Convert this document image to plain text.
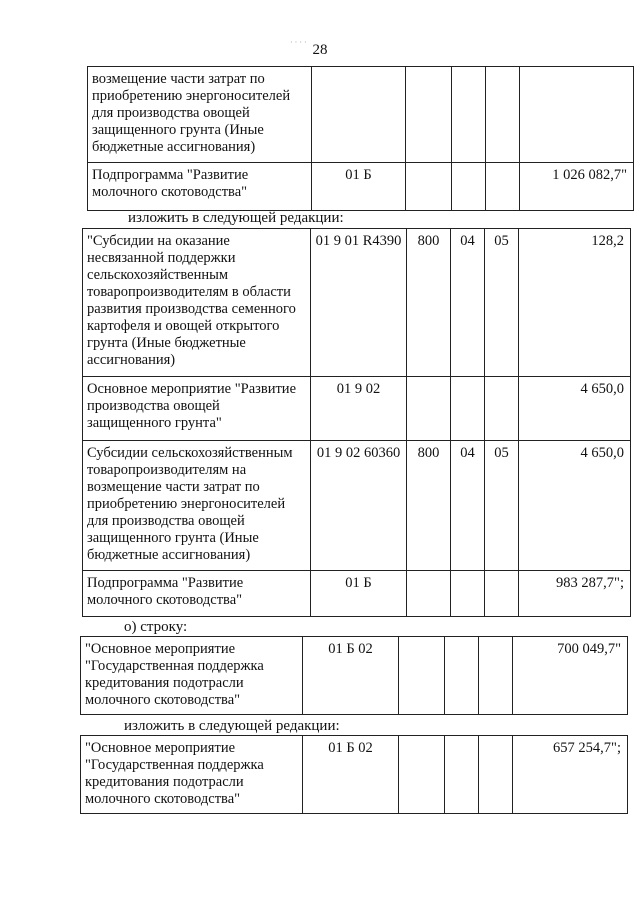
· · · · 28
возмещение части затрат по приобретению энергоносителей для производства овощей защищенного грунта (Иные бюджетные ассигнования)					
Подпрограмма "Развитие молочного скотоводства"	01 Б				1 026 082,7"
изложить в следующей редакции:
"Субсидии на оказание несвязанной поддержки сельскохозяйственным товаропроизводителям в области развития производства семенного картофеля и овощей открытого грунта (Иные бюджетные ассигнования)	01 9 01 R4390	800	04	05	128,2
Основное мероприятие "Развитие производства овощей защищенного грунта"	01 9 02				4 650,0
Субсидии сельскохозяйственным товаропроизводителям на возмещение части затрат по приобретению энергоносителей для производства овощей защищенного грунта (Иные бюджетные ассигнования)	01 9 02 60360	800	04	05	4 650,0
Подпрограмма "Развитие молочного скотоводства"	01 Б				983 287,7";
о) строку:
"Основное мероприятие "Государственная поддержка кредитования подотрасли молочного скотоводства"	01 Б 02				700 049,7"
изложить в следующей редакции:
"Основное мероприятие "Государственная поддержка кредитования подотрасли молочного скотоводства"	01 Б 02				657 254,7";
